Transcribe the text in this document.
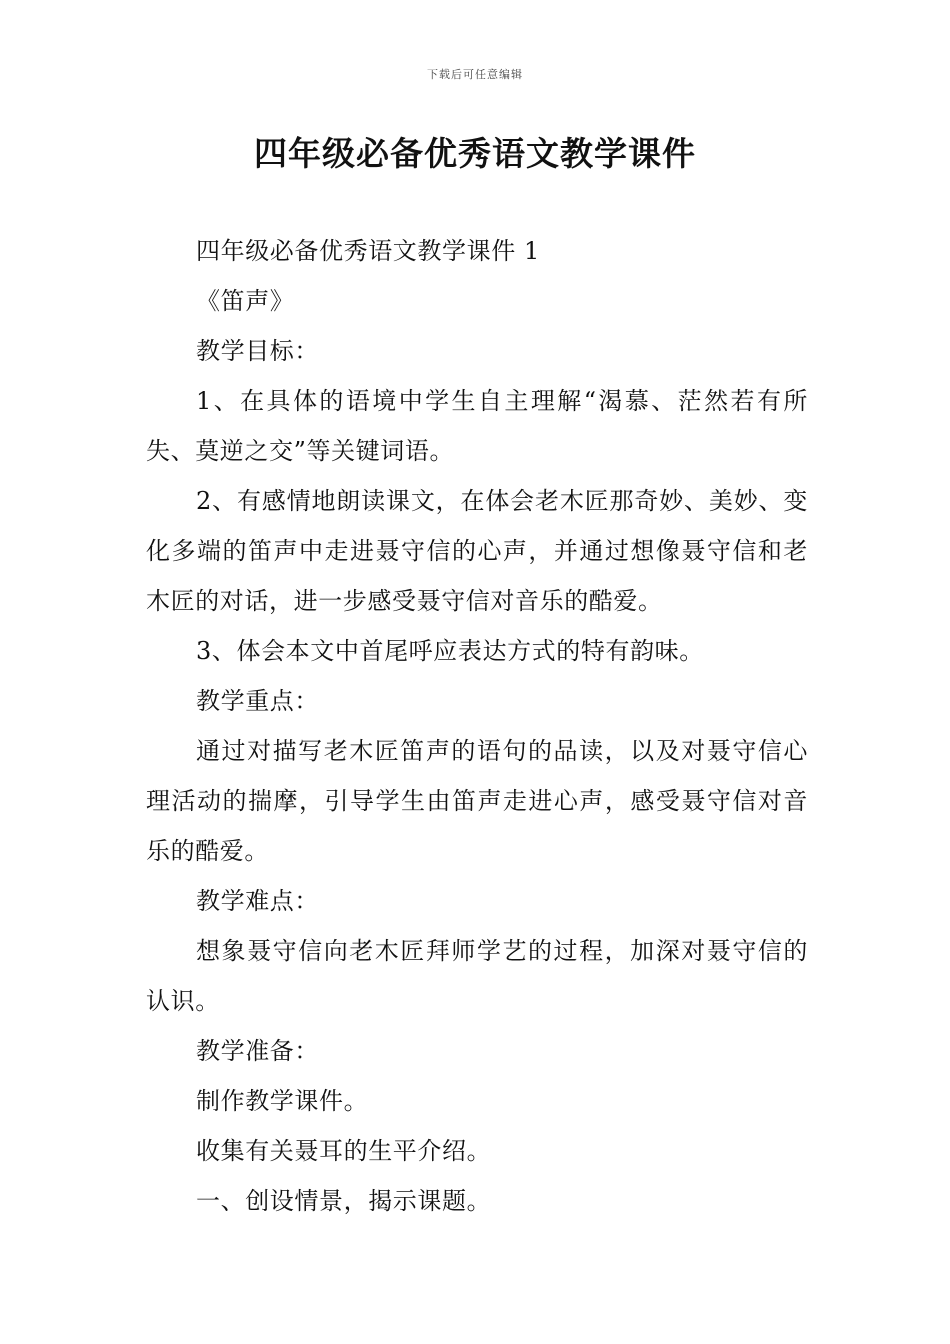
下载后可任意编辑
四年级必备优秀语文教学课件

四年级必备优秀语文教学课件 1

《笛声》

教学目标：

1、在具体的语境中学生自主理解“渴慕、茫然若有所失、莫逆之交”等关键词语。

2、有感情地朗读课文，在体会老木匠那奇妙、美妙、变化多端的笛声中走进聂守信的心声，并通过想像聂守信和老木匠的对话，进一步感受聂守信对音乐的酷爱。

3、体会本文中首尾呼应表达方式的特有韵味。

教学重点：

通过对描写老木匠笛声的语句的品读，以及对聂守信心理活动的揣摩，引导学生由笛声走进心声，感受聂守信对音乐的酷爱。

教学难点：

想象聂守信向老木匠拜师学艺的过程，加深对聂守信的认识。

教学准备：

制作教学课件。

收集有关聂耳的生平介绍。

一、创设情景，揭示课题。
